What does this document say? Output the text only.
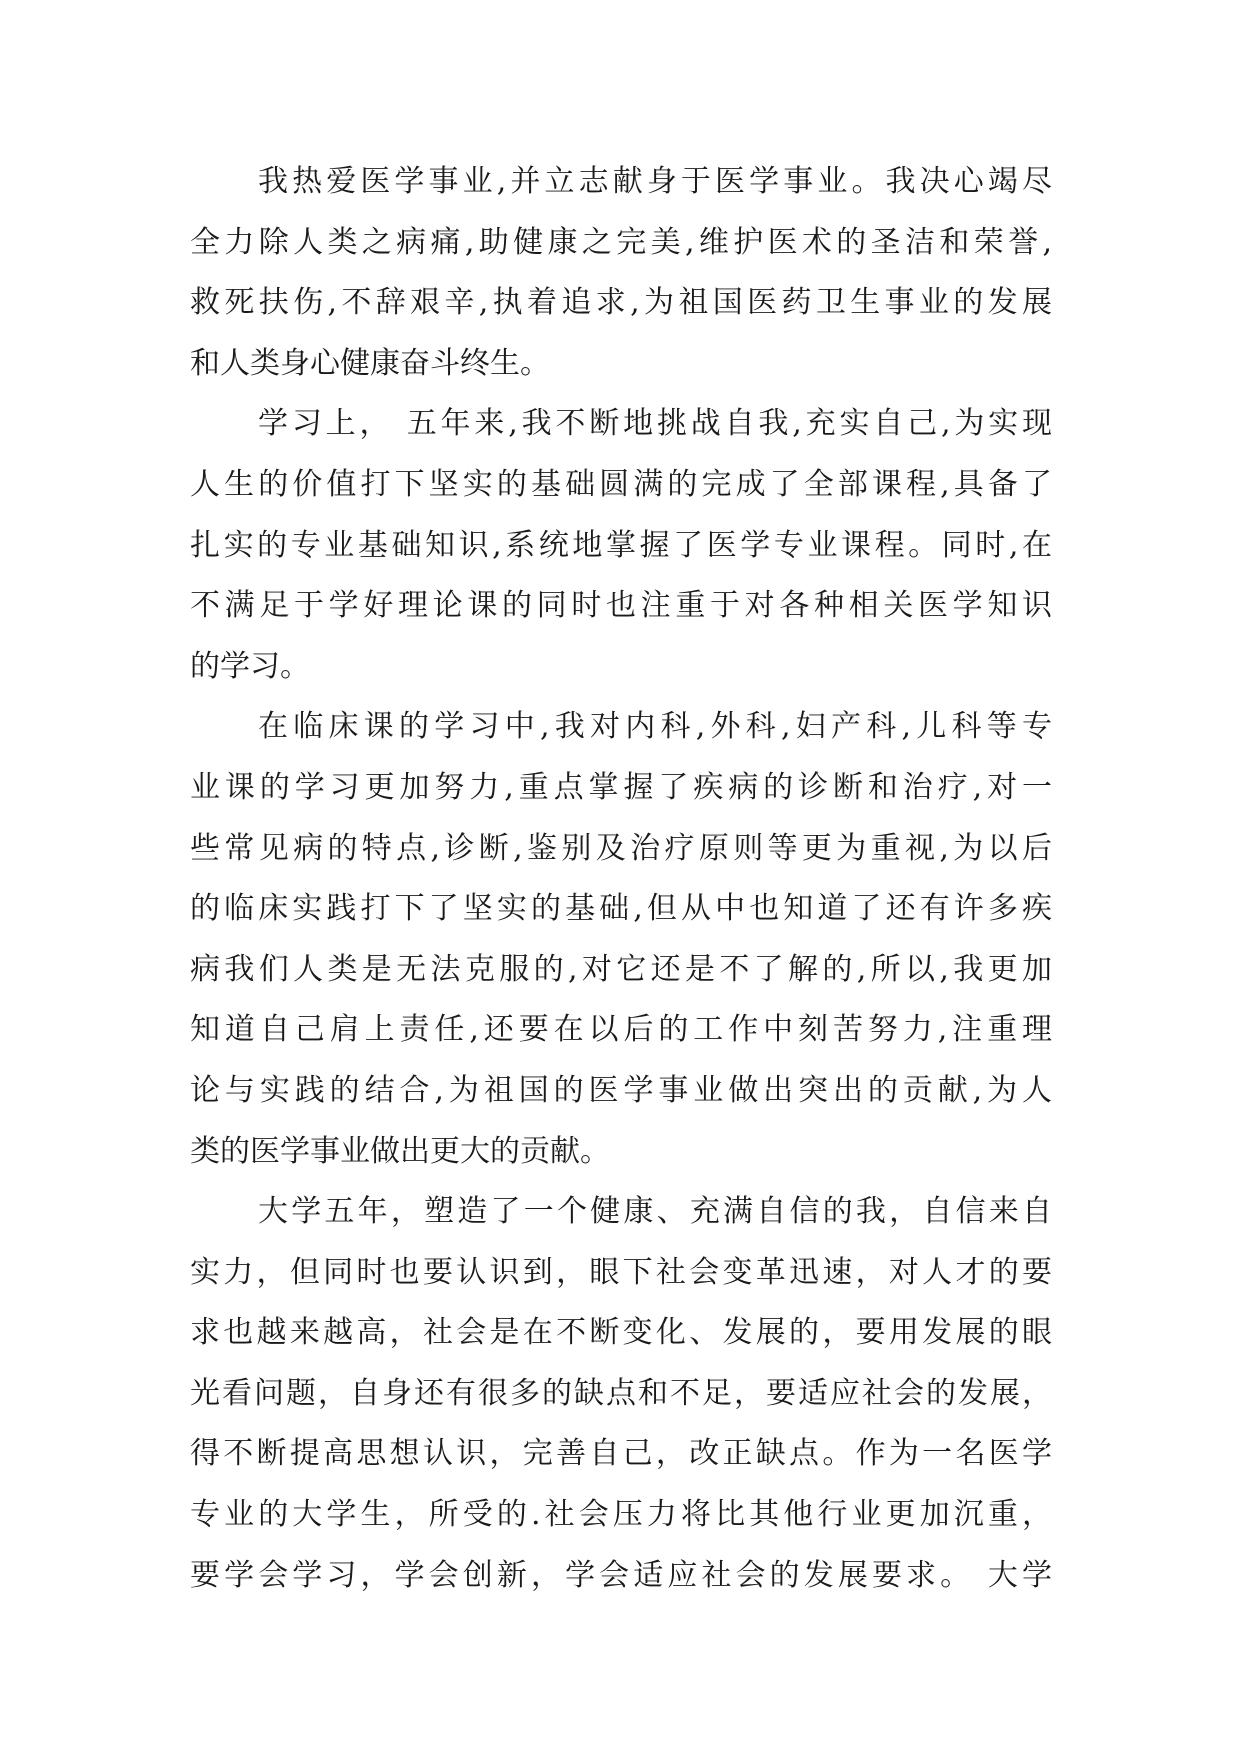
我热爱医学事业,并立志献身于医学事业。我决心竭尽
全力除人类之病痛,助健康之完美,维护医术的圣洁和荣誉,
救死扶伤,不辞艰辛,执着追求,为祖国医药卫生事业的发展
和人类身心健康奋斗终生。
学习上， 五年来,我不断地挑战自我,充实自己,为实现
人生的价值打下坚实的基础圆满的完成了全部课程,具备了
扎实的专业基础知识,系统地掌握了医学专业课程。同时,在
不满足于学好理论课的同时也注重于对各种相关医学知识
的学习。
在临床课的学习中,我对内科,外科,妇产科,儿科等专
业课的学习更加努力,重点掌握了疾病的诊断和治疗,对一
些常见病的特点,诊断,鉴别及治疗原则等更为重视,为以后
的临床实践打下了坚实的基础,但从中也知道了还有许多疾
病我们人类是无法克服的,对它还是不了解的,所以,我更加
知道自己肩上责任,还要在以后的工作中刻苦努力,注重理
论与实践的结合,为祖国的医学事业做出突出的贡献,为人
类的医学事业做出更大的贡献。
大学五年，塑造了一个健康、充满自信的我，自信来自
实力，但同时也要认识到，眼下社会变革迅速，对人才的要
求也越来越高，社会是在不断变化、发展的，要用发展的眼
光看问题，自身还有很多的缺点和不足，要适应社会的发展，
得不断提高思想认识，完善自己，改正缺点。作为一名医学
专业的大学生，所受的.社会压力将比其他行业更加沉重，
要学会学习，学会创新，学会适应社会的发展要求。 大学
